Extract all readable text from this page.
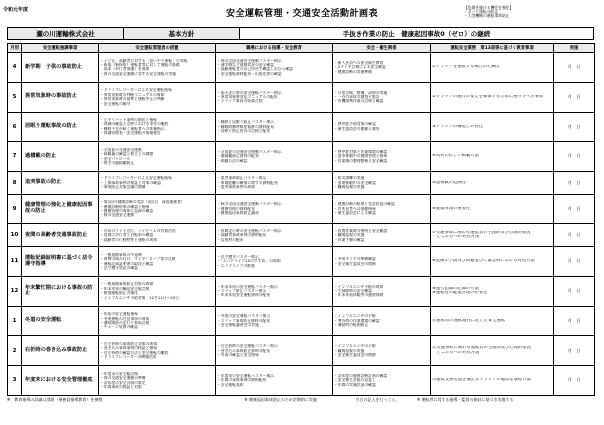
令和元年度	安全運転管理・交通安全活動計画表
【危険を避ける機会を強化】
・ネバリ運転の防止
・大型機械の運転事故防止
瀬の川運輸株式会社	基本方針	手抜き作業の防止　健康起因事故0（ゼロ）の継続
月別	安全運転強調事項	安全運転管理者の措置	職場における指導・安全教育	安全・衛生関係	運転安全業務　第13項等に基づく教育事項	実施
4	新学期　子供の事故防止	・子ども、高齢者に対する「思いやり運転」の実践
・新規（新採用）運転者等に対して運転の基礎
　基本（歩行者保護）を周知
・春の交通安全運動に対する安全運転の実施	・春の全国交通安全運動パスター掲示
・通学路など道路状況の安全確認
・高齢運転者の自己申告で確認しおむつ確認
・安全運転資料配布・出張先等の確認	・新人社員への安全衛生教育
・2タイヤ点検による安全確認
・健康診断の実施準備	①トラックを運転する場合の心構え	月　日
5	異常気象時の事故防止	・ドライブレコーダーによる安全運転指導
・異常気象時の判断マニュアルの周知
・異常気象時の基準と運転中止の判断
・安全運転の順守	・雨天走行時の安全運転パスター掲示
・異常気象時対応マニュアルの配布
・トラック車両の始業点検	・日常点検、整備、清掃の実施
・一斉の事故の調査と集計
・有機溶剤作業の点検と確認	②トラックの運行の安全を確保するために遵守すべき事項	月　日
6	居眠り運転事故の防止	・ヒヤリハット事例の抽出と指導
・体調の確認と点呼における申告の徹底
・睡眠不足が続く運転者への休養指示
・体調管理表・安全運転の情報報告	・睡眠と居眠り防止パスター掲示
・睡眠時無呼吸症候群の資料配布
・居眠り防止用具の点検と配布	・熱中症予防対策の確認
・衛生委員会の開催と報告	③トラックの構造上の特性	月　日
7	過積載の防止	・全国夏の交通安全運動
・積載量の確認と荷主との調整
・安全パトロール
・荷主の過積載防止	・全国夏の交通安全運動パスター掲示
・過積載防止資料の配布
・積載方法の確認	・熱中症対策と作業環境の確認
・夏季休暇中の健康管理と指導
・作業場の整理整頓と安全確認	④貨物の正しい積載方法	月　日
8	追突事故の防止	・ドライブレコーダーによる安全運転指導
・上期事故事例の検証と対策の確認
・事故防止対策会議の開催	・追突事故防止パスター掲示
・車間距離の確保に関する資料配布
・追突事故事例の周知	・防災訓練の実施
・夏期休暇中の安全確認
・職場巡視の実施	⑤過積載の危険性	月　日
9	健康管理の強化と健康起因事故の防止	・第2回の健康診断の受診（2回目　深夜業務者）
・健康診断結果の確認と指導
・健康管理の周知と記録の確認
・秋の交通安全運動	・秋の全国交通安全運動パスター掲示
・健康管理の資料配布
・健康起因事故防止講習	・健康診断の結果と受診状況の確認
・有所見者への保健指導
・衛生委員会による確認	⑥健康管理の重要性	月　日
10	夜間の高齢者交通事故防止	・早めのライト点灯、ハイビームの有効活用
・夜間の歩行者と自転車の確認
・高齢者の行動特性と運転の周知	・夜間走行時の安全運転パスター掲示
・高齢者事故事例の資料配布
・反射材の配布	・夜間作業時の照明と安全確認
・職場巡視の実施
・作業手順の確認	⑦交通事故に関わる運転者の生理的及び心理的要因
　とこれらへの対処方法	月　日
11	運転記録証明書に基づく法令遵守指導	・一般道路事故の多発期
・荷物の積み付け、ワイヤーロープ等の点検
・運転記録証明書の取得と確認
・法令遵守状況の確認	・法令遵守パスター掲示
・「エコドライブ10のすすめ」の周知
・エコドライブの推進	・冬用タイヤの準備確認
・安全衛生委員会の開催	⑧危険の予測及び回避並びに緊急時における対処方法	月　日
12	年末繁忙期における事故の防止	・一般道路事故防止対策の周知
・年末年始の輸送安全総点検
・飲酒運転防止の強化
・インフルエンザ予防対策　12月11日～20日	・年末年始の安全運転パスター掲示
・スリップ防止パスター掲示
・年末年始安全運転資料の配布	・インフルエンザ予防の周知
・大掃除時の安全確認
・年末年始休暇中の連絡体制	⑨運行記録の記録の方法
⑩運転者の健康管理の必要性	月　日
1	冬道の安全運転	・年始の安全運転指導
・冬道運転の注意事項の周知
・凍結路面の走行と車両点検
・チェーン装着の確認	・冬道の安全運転パスター掲示
・スリップ事故防止資料の配布
・安全運転講習会の実施	・インフルエンザの予防
・寒冷時の作業環境の確認
・凍結時の転倒防止	⑪運転者の運転適性に応じた安全運転	月　日
2	右折時の巻き込み事故防止	・右左折時の事故防止対策の周知
・巻き込み事故事例の検証と指導
・右左折時の確認方法と安全運転の徹底
・ドライブレコーダーの映像活用	・右左折時の安全運転パスター掲示
・巻き込み事故防止資料の配布
・死角の確認と安全指導	・インフルエンザの予防
・職場巡視の実施
・安全衛生委員会の開催	⑫交通事故に関わる運転者の生理的及び心理的要因
　とこれらへの対処方法	月　日
3	年度末における安全管理徹底	・年度末の安全総点検
・春の交通安全運動の準備
・次年度の安全計画の策定
・年間事故の検証と対策	・年度末の安全運転パスター掲示
・年間の事故事例の資料配布
・安全運転表彰	・次年度の健康診断計画の確認
・安全衛生計画の見直し
・年間の実施状況の確認	⑬運転支援装置を備えるトラックの適切な運転方法	月　日
※　教育指導の詳細は別紙（乗務員指導教育）を参照	※ 健康起因事故防止のため定期的に実施	月日の記入を行うこと。	※ 運転者に対する指導・監督の指針に基づき実施する
